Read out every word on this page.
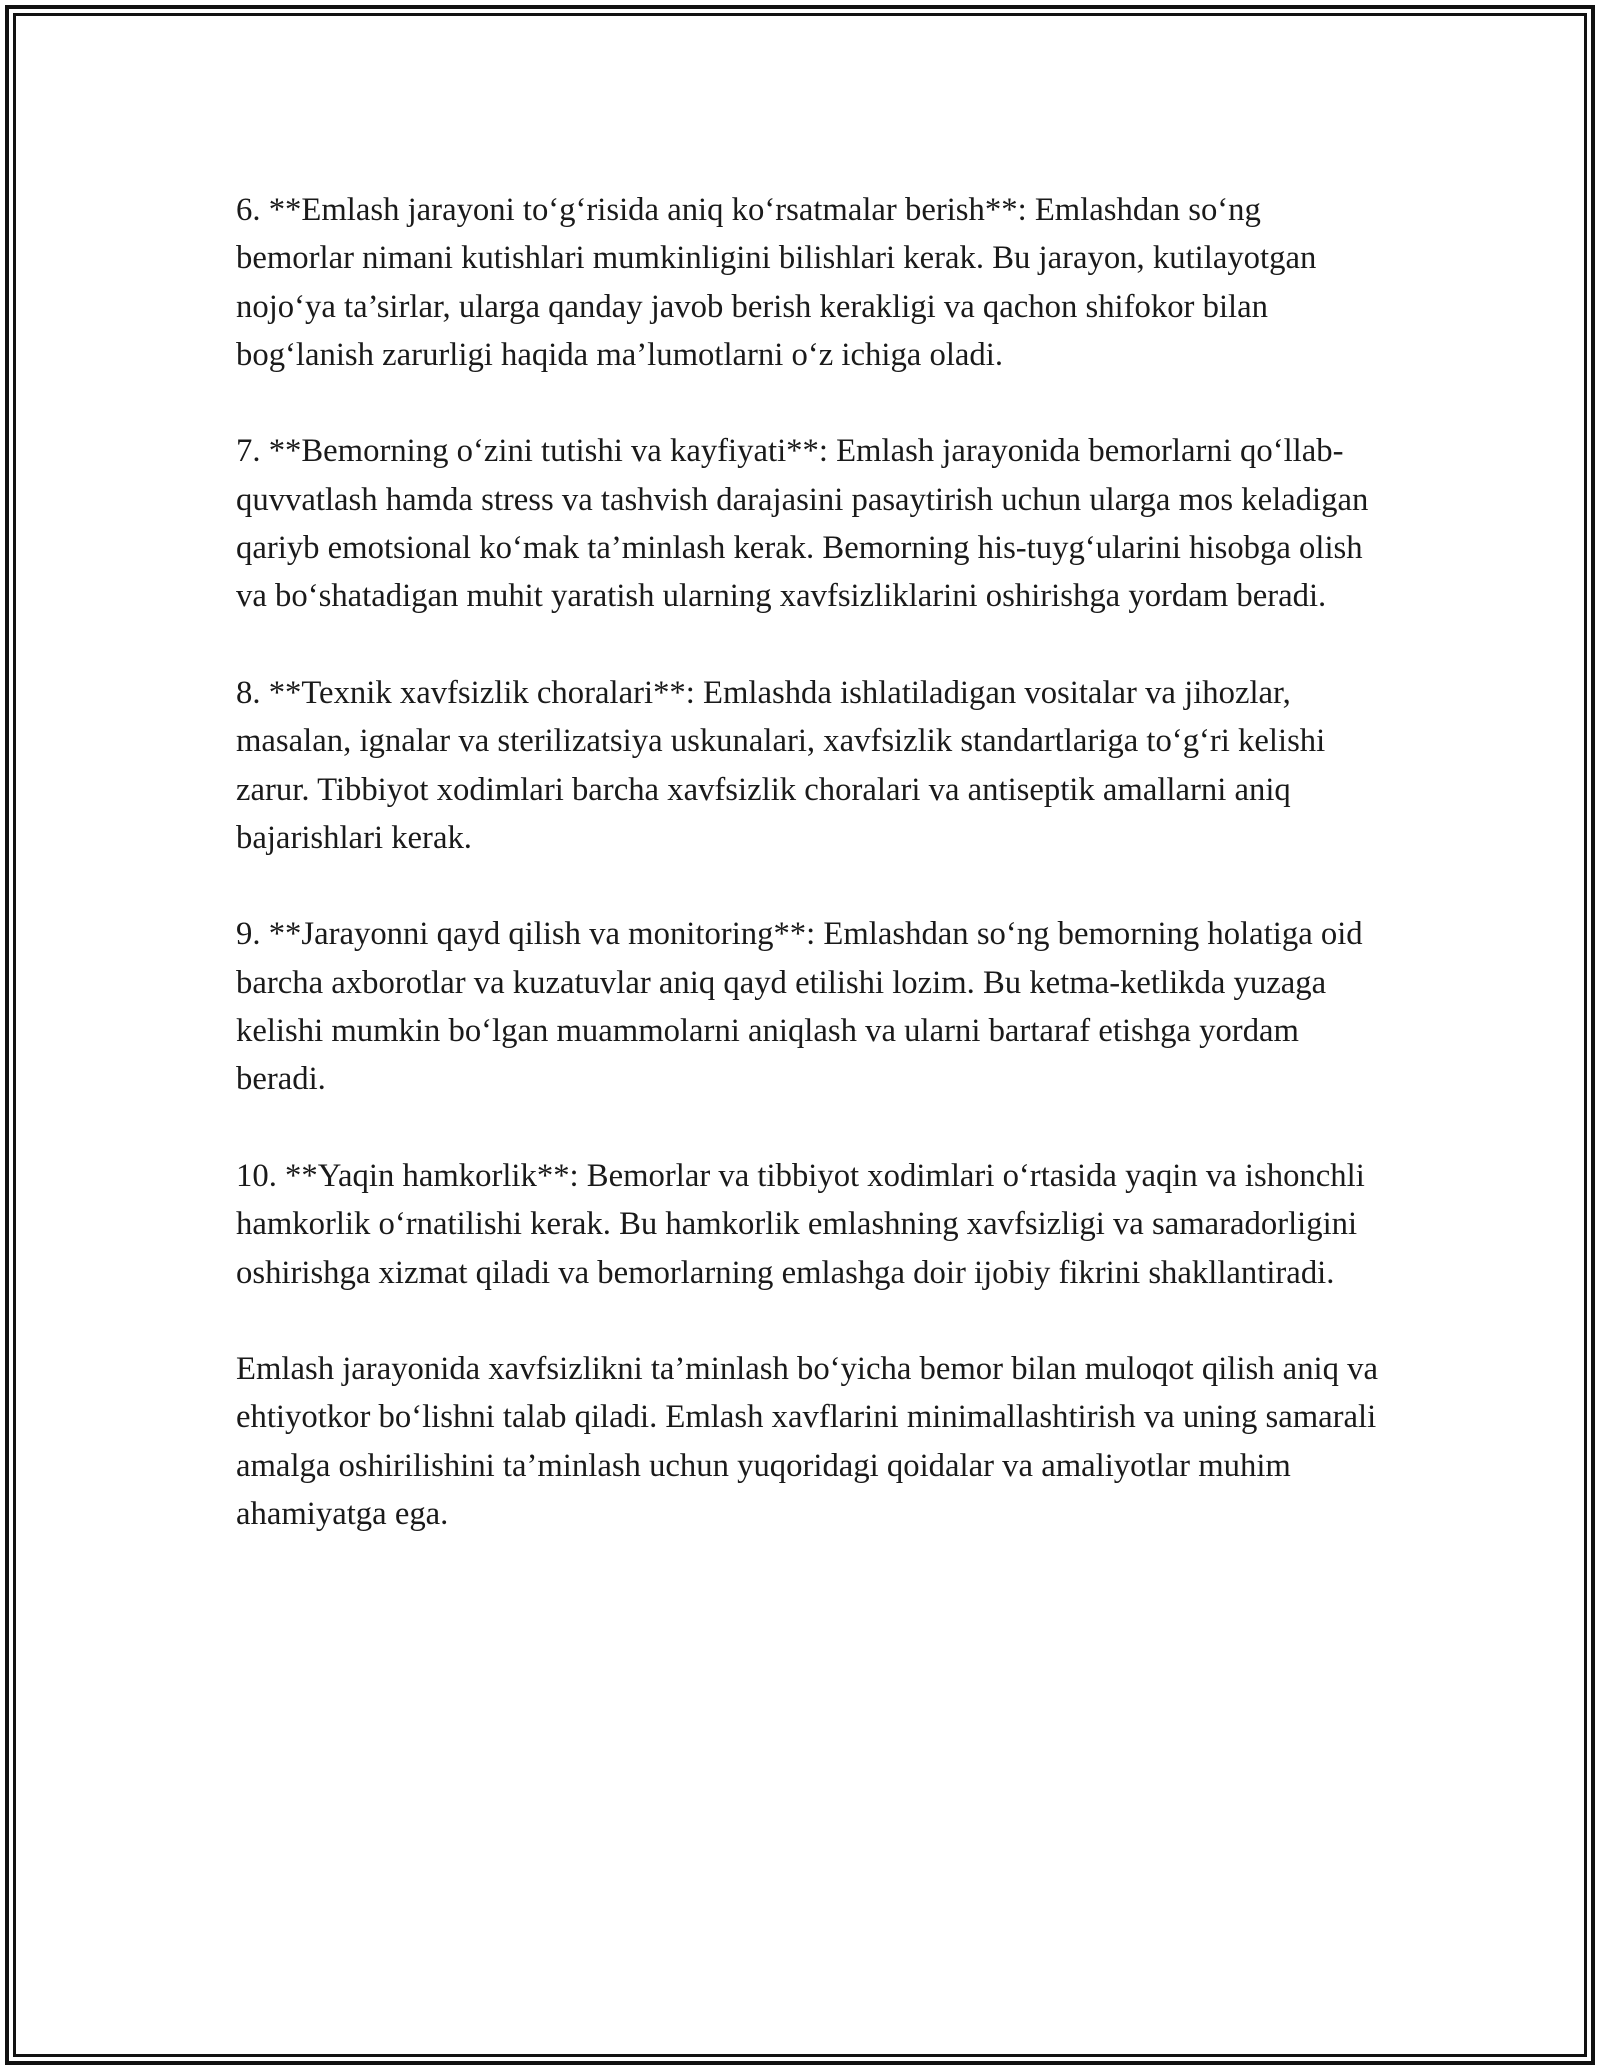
6. **Emlash jarayoni to‘g‘risida aniq ko‘rsatmalar berish**: Emlashdan so‘ng bemorlar nimani kutishlari mumkinligini bilishlari kerak. Bu jarayon, kutilayotgan nojo‘ya ta’sirlar, ularga qanday javob berish kerakligi va qachon shifokor bilan bog‘lanish zarurligi haqida ma’lumotlarni o‘z ichiga oladi.

7. **Bemorning o‘zini tutishi va kayfiyati**: Emlash jarayonida bemorlarni qo‘llab-quvvatlash hamda stress va tashvish darajasini pasaytirish uchun ularga mos keladigan qariyb emotsional ko‘mak ta’minlash kerak. Bemorning his-tuyg‘ularini hisobga olish va bo‘shatadigan muhit yaratish ularning xavfsizliklarini oshirishga yordam beradi.

8. **Texnik xavfsizlik choralari**: Emlashda ishlatiladigan vositalar va jihozlar, masalan, ignalar va sterilizatsiya uskunalari, xavfsizlik standartlariga to‘g‘ri kelishi zarur. Tibbiyot xodimlari barcha xavfsizlik choralari va antiseptik amallarni aniq bajarishlari kerak.

9. **Jarayonni qayd qilish va monitoring**: Emlashdan so‘ng bemorning holatiga oid barcha axborotlar va kuzatuvlar aniq qayd etilishi lozim. Bu ketma-ketlikda yuzaga kelishi mumkin bo‘lgan muammolarni aniqlash va ularni bartaraf etishga yordam beradi.

10. **Yaqin hamkorlik**: Bemorlar va tibbiyot xodimlari o‘rtasida yaqin va ishonchli hamkorlik o‘rnatilishi kerak. Bu hamkorlik emlashning xavfsizligi va samaradorligini oshirishga xizmat qiladi va bemorlarning emlashga doir ijobiy fikrini shakllantiradi.

Emlash jarayonida xavfsizlikni ta’minlash bo‘yicha bemor bilan muloqot qilish aniq va ehtiyotkor bo‘lishni talab qiladi. Emlash xavflarini minimallashtirish va uning samarali amalga oshirilishini ta’minlash uchun yuqoridagi qoidalar va amaliyotlar muhim ahamiyatga ega.
